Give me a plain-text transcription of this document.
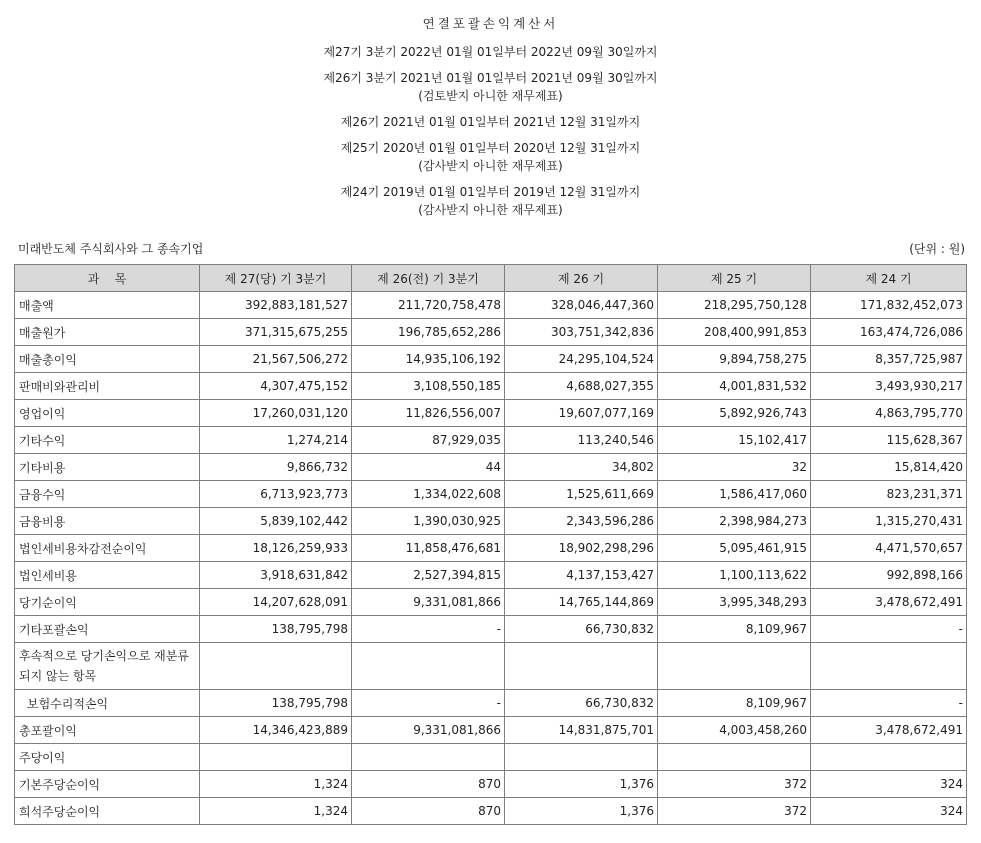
연결포괄손익계산서
제27기 3분기 2022년 01월 01일부터 2022년 09월 30일까지
제26기 3분기 2021년 01월 01일부터 2021년 09월 30일까지
(검토받지 아니한 재무제표)
제26기 2021년 01월 01일부터 2021년 12월 31일까지
제25기 2020년 01월 01일부터 2020년 12월 31일까지
(감사받지 아니한 재무제표)
제24기 2019년 01월 01일부터 2019년 12월 31일까지
(감사받지 아니한 재무제표)
미래반도체 주식회사와 그 종속기업	(단위 : 원)
과    목	제 27(당) 기 3분기	제 26(전) 기 3분기	제 26 기	제 25 기	제 24 기
매출액	392,883,181,527	211,720,758,478	328,046,447,360	218,295,750,128	171,832,452,073
매출원가	371,315,675,255	196,785,652,286	303,751,342,836	208,400,991,853	163,474,726,086
매출총이익	21,567,506,272	14,935,106,192	24,295,104,524	9,894,758,275	8,357,725,987
판매비와관리비	4,307,475,152	3,108,550,185	4,688,027,355	4,001,831,532	3,493,930,217
영업이익	17,260,031,120	11,826,556,007	19,607,077,169	5,892,926,743	4,863,795,770
기타수익	1,274,214	87,929,035	113,240,546	15,102,417	115,628,367
기타비용	9,866,732	44	34,802	32	15,814,420
금융수익	6,713,923,773	1,334,022,608	1,525,611,669	1,586,417,060	823,231,371
금융비용	5,839,102,442	1,390,030,925	2,343,596,286	2,398,984,273	1,315,270,431
법인세비용차감전순이익	18,126,259,933	11,858,476,681	18,902,298,296	5,095,461,915	4,471,570,657
법인세비용	3,918,631,842	2,527,394,815	4,137,153,427	1,100,113,622	992,898,166
당기순이익	14,207,628,091	9,331,081,866	14,765,144,869	3,995,348,293	3,478,672,491
기타포괄손익	138,795,798	-	66,730,832	8,109,967	-
후속적으로 당기손익으로 재분류되지 않는 항목					
보험수리적손익	138,795,798	-	66,730,832	8,109,967	-
총포괄이익	14,346,423,889	9,331,081,866	14,831,875,701	4,003,458,260	3,478,672,491
주당이익					
기본주당순이익	1,324	870	1,376	372	324
희석주당순이익	1,324	870	1,376	372	324
